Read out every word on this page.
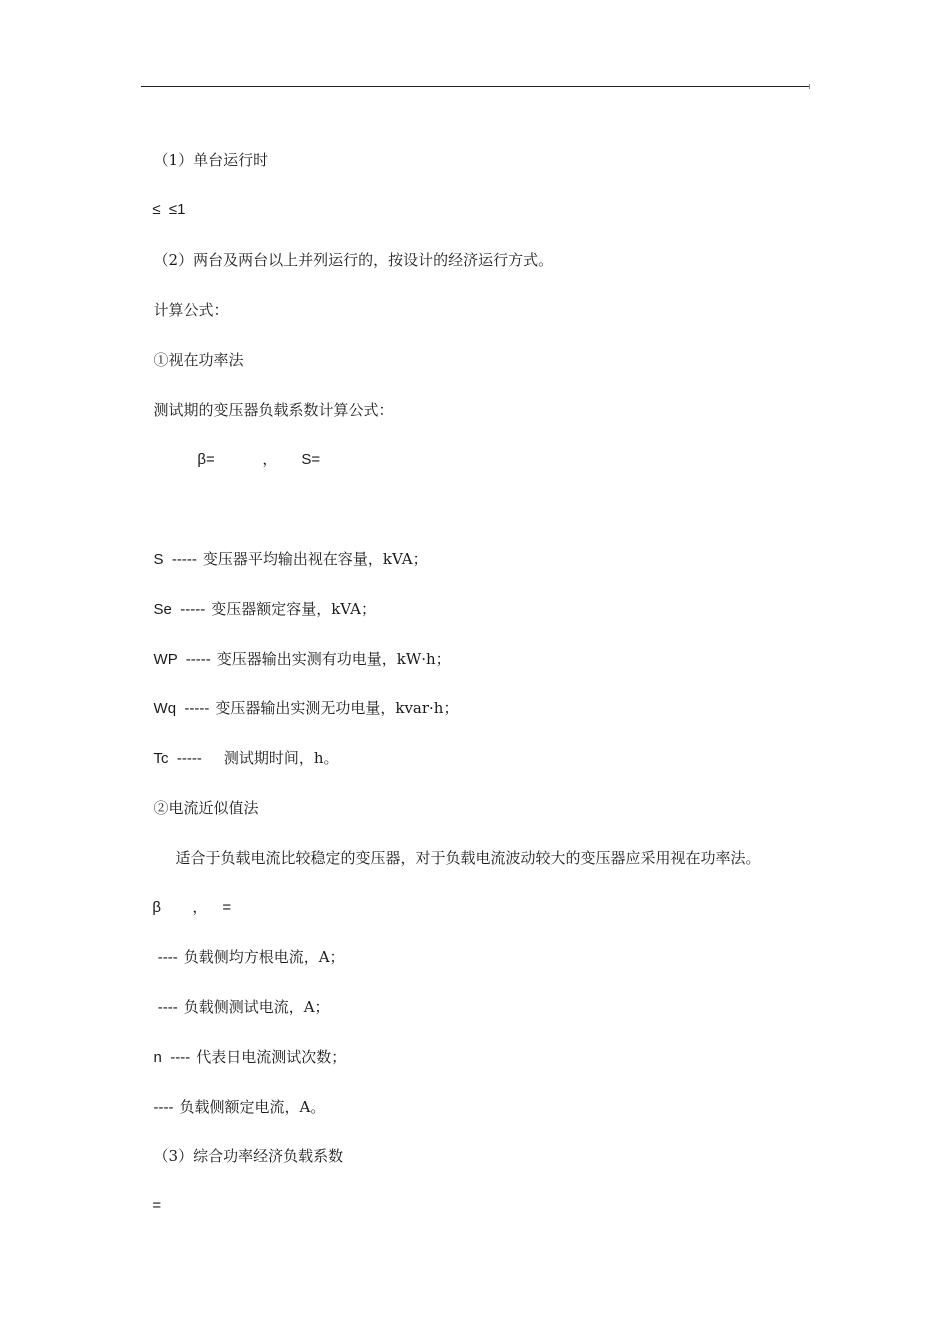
（1）单台运行时

≤  ≤1

（2）两台及两台以上并列运行的，按设计的经济运行方式。

计算公式：

①视在功率法

测试期的变压器负载系数计算公式：

β=	，	S=

S  ----- 变压器平均输出视在容量，kVA；

Se  ----- 变压器额定容量，kVA；

WP  ----- 变压器输出实测有功电量，kW·h；

Wq  ----- 变压器输出实测无功电量，kvar·h；

Tc  ----- 测试期时间，h。

②电流近似值法

适合于负载电流比较稳定的变压器，对于负载电流波动较大的变压器应采用视在功率法。

β	， =

---- 负载侧均方根电流，A；

---- 负载侧测试电流，A；

n  ---- 代表日电流测试次数；

---- 负载侧额定电流，A。

（3）综合功率经济负载系数

=
